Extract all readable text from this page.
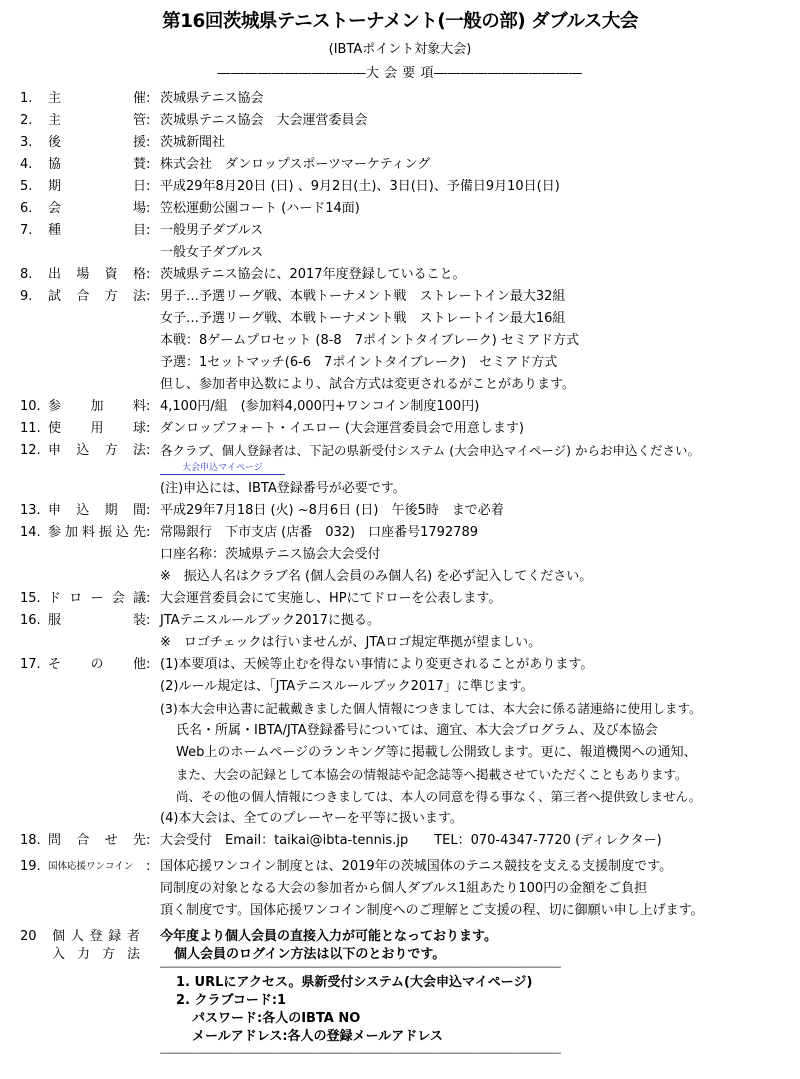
第16回茨城県テニストーナメント(一般の部) ダブルス大会
(IBTAポイント対象大会)
―――――――――――大 会 要 項―――――――――――
1. 主　催 : 茨城県テニス協会
2. 主　管 : 茨城県テニス協会　大会運営委員会
3. 後　援 : 茨城新聞社
4. 協　賛 : 株式会社　ダンロップスポーツマーケティング
5. 期　日 : 平成29年8月20日 (日) 、9月2日(土)、3日(日)、予備日9月10日(日)
6. 会　場 : 笠松運動公園コート (ハード14面)
7. 種　目 : 一般男子ダブルス
一般女子ダブルス
8. 出場資格 : 茨城県テニス協会に、2017年度登録していること。
9. 試合方法 : 男子…予選リーグ戦、本戦トーナメント戦　ストレートイン最大32組
女子…予選リーグ戦、本戦トーナメント戦　ストレートイン最大16組
本戦：8ゲームプロセット (8-8　7ポイントタイブレーク) セミアド方式
予選：1セットマッチ(6-6　7ポイントタイブレーク)　セミアド方式
但し、参加者申込数により、試合方式は変更されるがことがあります。
10. 参加料 : 4,100円/組　(参加料4,000円+ワンコイン制度100円)
11. 使用球 : ダンロップフォート・イエロー (大会運営委員会で用意します)
12. 申込方法 : 各クラブ、個人登録者は、下記の県新受付システム (大会申込マイページ) からお申込ください。
大会申込マイページ
(注)申込には、IBTA登録番号が必要です。
13. 申込期間 : 平成29年7月18日 (火) ~8月6日 (日)　午後5時　まで必着
14. 参加料振込先 : 常陽銀行　下市支店 (店番　032)　口座番号1792789
口座名称：茨城県テニス協会大会受付
※　振込人名はクラブ名 (個人会員のみ個人名) を必ず記入してください。
15. ドロー会議 : 大会運営委員会にて実施し、HPにてドローを公表します。
16. 服　装 : JTAテニスルールブック2017に拠る。
※　ロゴチェックは行いませんが、JTAロゴ規定準拠が望ましい。
17. その他 : (1)本要項は、天候等止むを得ない事情により変更されることがあります。
(2)ルール規定は、「JTAテニスルールブック2017」に準じます。
(3)本大会申込書に記載戴きました個人情報につきましては、本大会に係る諸連絡に使用します。
氏名・所属・IBTA/JTA登録番号については、適宜、本大会プログラム、及び本協会
Web上のホームページのランキング等に掲載し公開致します。更に、報道機関への通知、
また、大会の記録として本協会の情報誌や記念誌等へ掲載させていただくこともあります。
尚、その他の個人情報につきましては、本人の同意を得る事なく、第三者へ提供致しません。
(4)本大会は、全てのプレーヤーを平等に扱います。
18. 問合せ先 : 大会受付　Email：taikai@ibta-tennis.jp　　TEL：070-4347-7720 (ディレクター)
19. 国体応援ワンコイン : 国体応援ワンコイン制度とは、2019年の茨城国体のテニス競技を支える支援制度です。
同制度の対象となる大会の参加者から個人ダブルス1組あたり100円の金額をご負担
頂く制度です。国体応援ワンコイン制度へのご理解とご支援の程、切に御願い申し上げます。
20 個人登録者 今年度より個人会員の直接入力が可能となっております。
入力方法	個人会員のログイン方法は以下のとおりです。
――――――――――――――――――――――――――――――――――――――――
1. URLにアクセス。県新受付システム(大会申込マイページ)
2. クラブコード:1
パスワード:各人のIBTA NO
メールアドレス:各人の登録メールアドレス
――――――――――――――――――――――――――――――――――――――――
